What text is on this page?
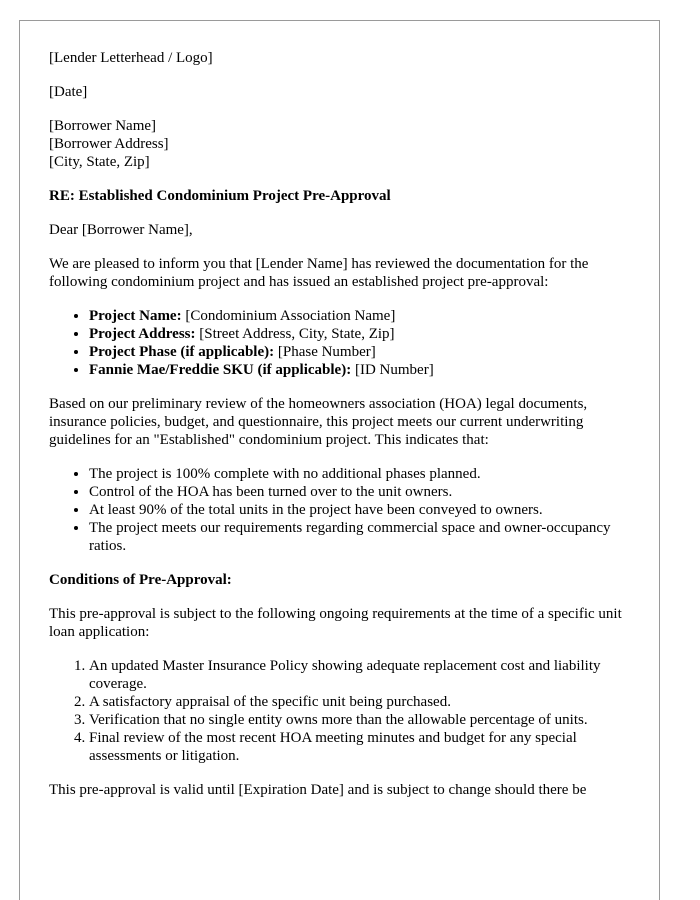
[Lender Letterhead / Logo]

[Date]

[Borrower Name]
[Borrower Address]
[City, State, Zip]

RE: Established Condominium Project Pre-Approval

Dear [Borrower Name],

We are pleased to inform you that [Lender Name] has reviewed the documentation for the following condominium project and has issued an established project pre-approval:

• Project Name: [Condominium Association Name]
• Project Address: [Street Address, City, State, Zip]
• Project Phase (if applicable): [Phase Number]
• Fannie Mae/Freddie SKU (if applicable): [ID Number]

Based on our preliminary review of the homeowners association (HOA) legal documents, insurance policies, budget, and questionnaire, this project meets our current underwriting guidelines for an "Established" condominium project. This indicates that:

• The project is 100% complete with no additional phases planned.
• Control of the HOA has been turned over to the unit owners.
• At least 90% of the total units in the project have been conveyed to owners.
• The project meets our requirements regarding commercial space and owner-occupancy ratios.

Conditions of Pre-Approval:

This pre-approval is subject to the following ongoing requirements at the time of a specific unit loan application:

1. An updated Master Insurance Policy showing adequate replacement cost and liability coverage.
2. A satisfactory appraisal of the specific unit being purchased.
3. Verification that no single entity owns more than the allowable percentage of units.
4. Final review of the most recent HOA meeting minutes and budget for any special assessments or litigation.

This pre-approval is valid until [Expiration Date] and is subject to change should there be
